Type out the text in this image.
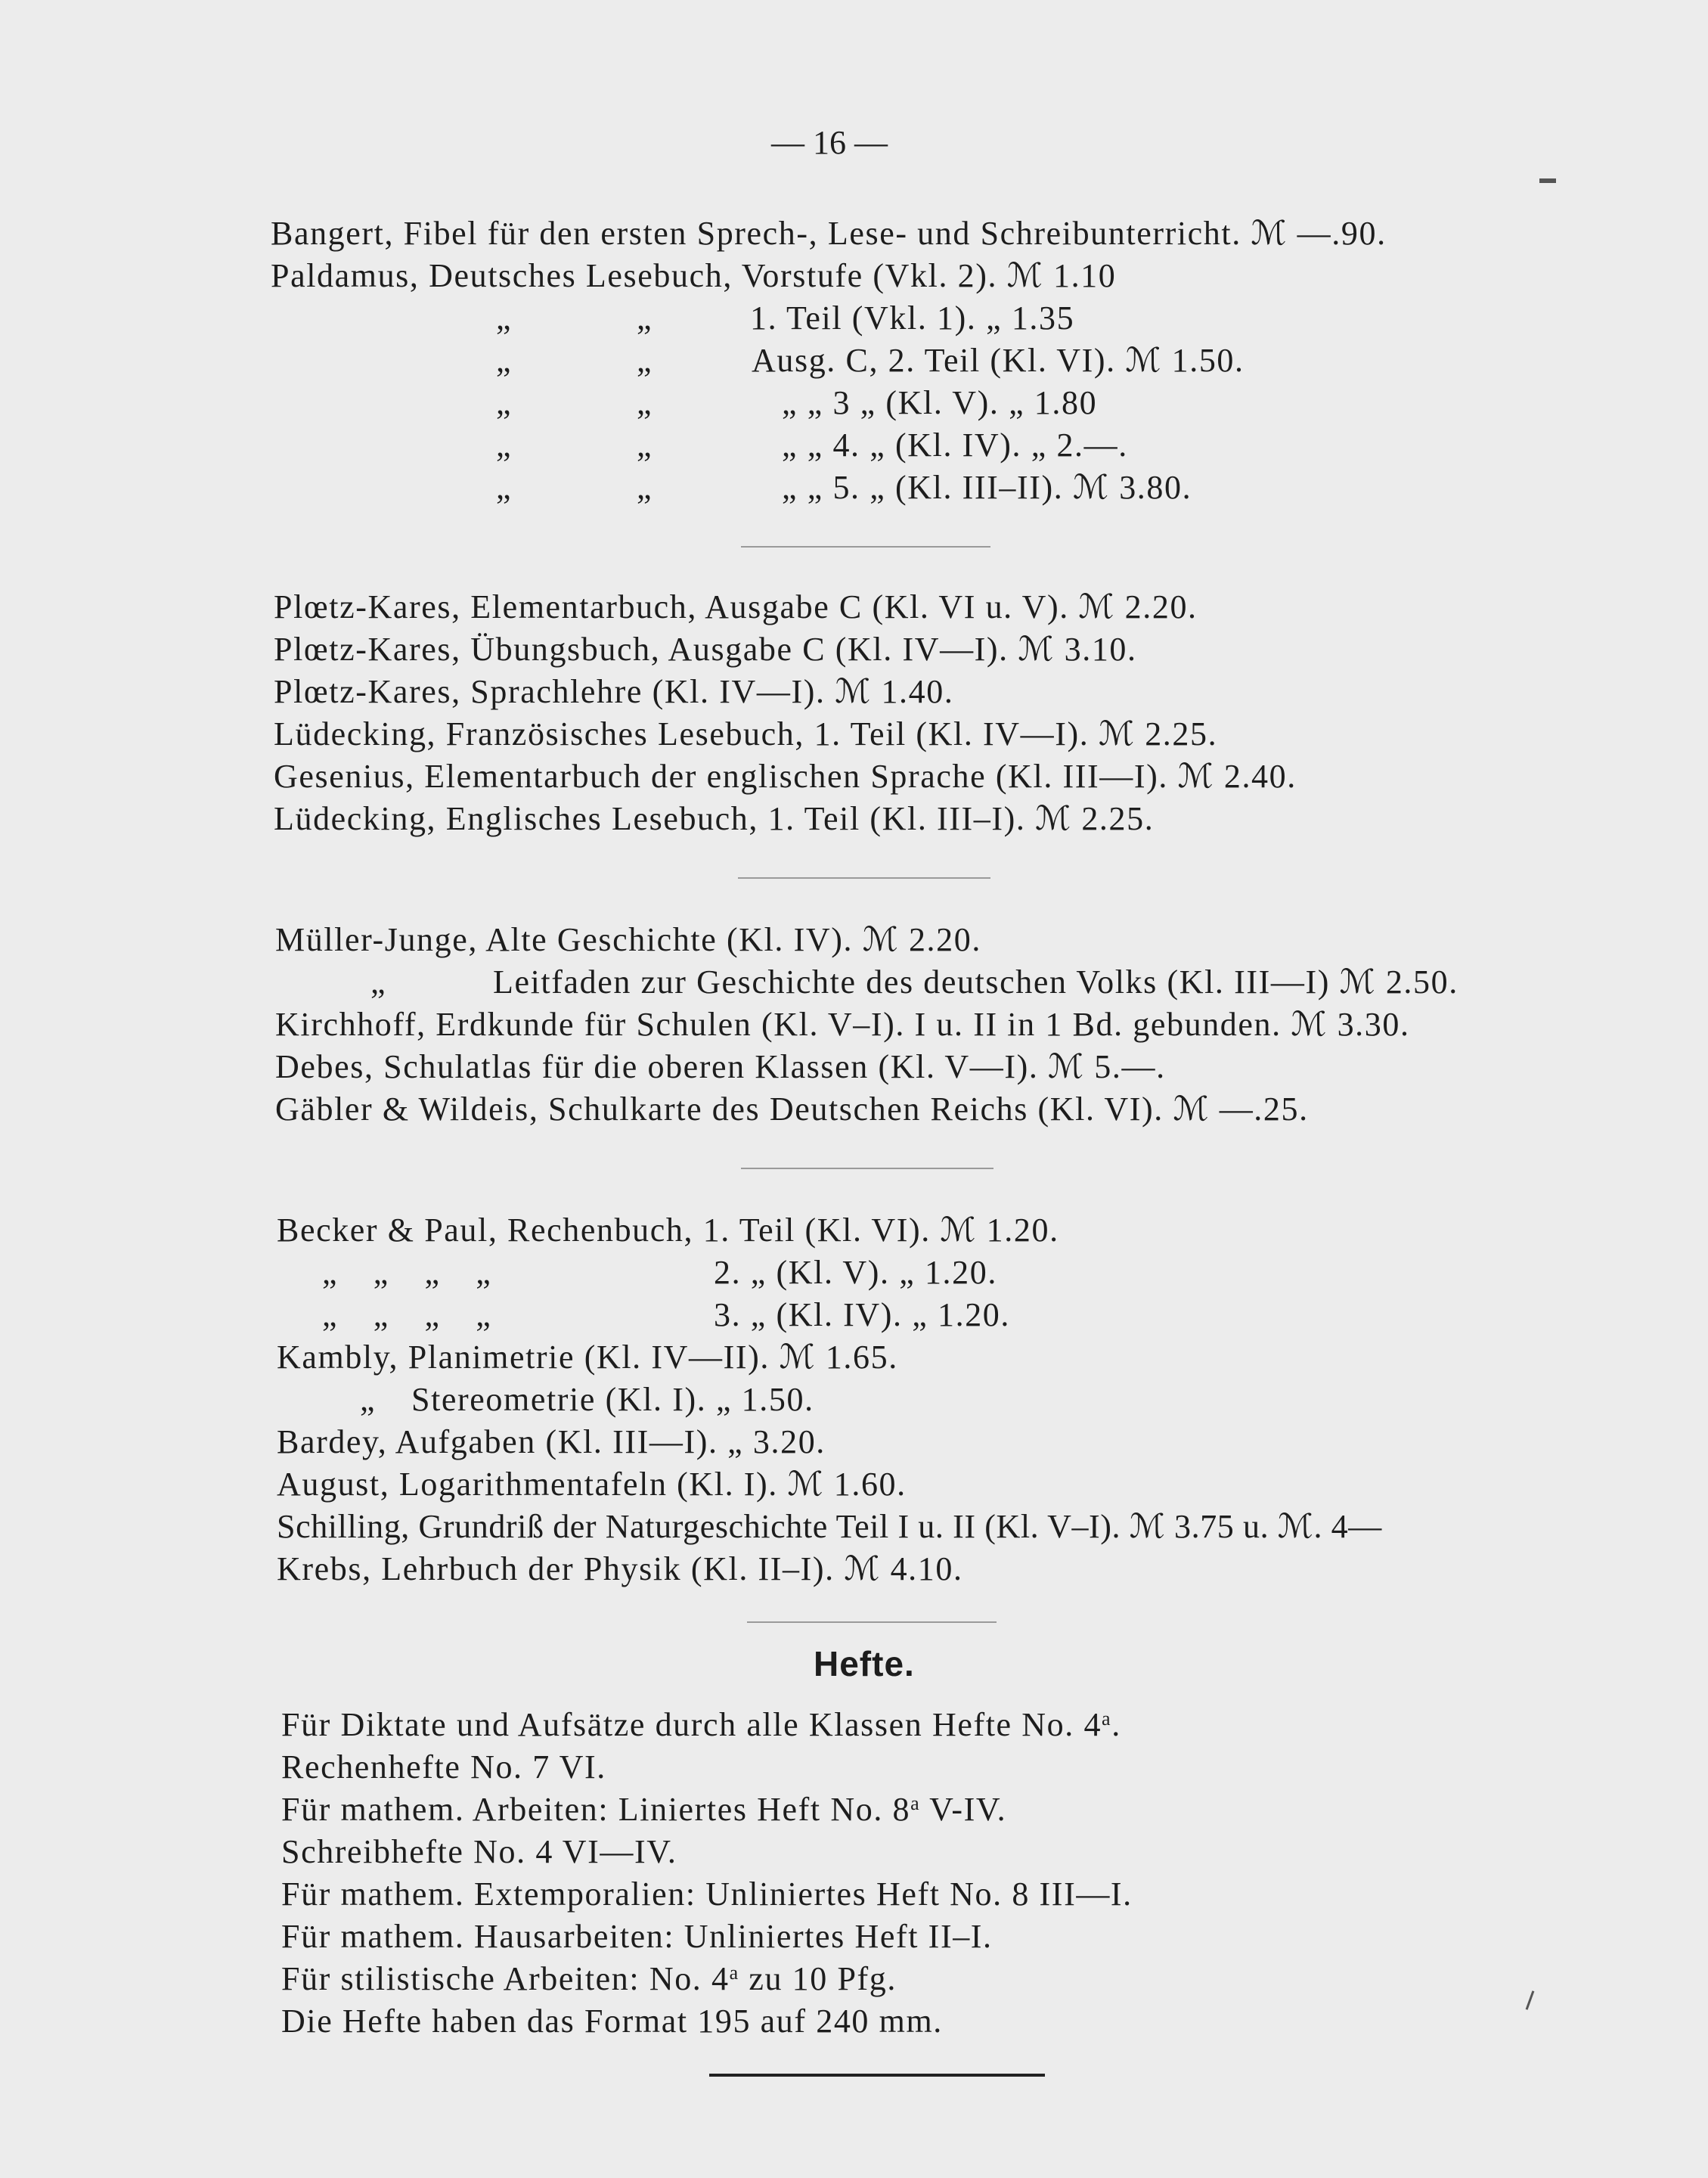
— 16 —
Bangert, Fibel für den ersten Sprech-, Lese- und Schreibunterricht. ℳ —.90.
Paldamus, Deutsches Lesebuch, Vorstufe (Vkl. 2). ℳ 1.10
„	„	1. Teil (Vkl. 1). „ 1.35
„	„	Ausg. C, 2. Teil (Kl. VI). ℳ 1.50.
„	„	„ „ 3 „ (Kl. V). „ 1.80
„	„	„ „ 4. „ (Kl. IV). „ 2.—.
„	„	„ „ 5. „ (Kl. III–II). ℳ 3.80.
Plœtz-Kares, Elementarbuch, Ausgabe C (Kl. VI u. V). ℳ 2.20.
Plœtz-Kares, Übungsbuch, Ausgabe C (Kl. IV—I). ℳ 3.10.
Plœtz-Kares, Sprachlehre (Kl. IV—I). ℳ 1.40.
Lüdecking, Französisches Lesebuch, 1. Teil (Kl. IV—I). ℳ 2.25.
Gesenius, Elementarbuch der englischen Sprache (Kl. III—I). ℳ 2.40.
Lüdecking, Englisches Lesebuch, 1. Teil (Kl. III–I). ℳ 2.25.
Müller-Junge, Alte Geschichte (Kl. IV). ℳ 2.20.
„	Leitfaden zur Geschichte des deutschen Volks (Kl. III—I) ℳ 2.50.
Kirchhoff, Erdkunde für Schulen (Kl. V–I). I u. II in 1 Bd. gebunden. ℳ 3.30.
Debes, Schulatlas für die oberen Klassen (Kl. V—I). ℳ 5.—.
Gäbler & Wildeis, Schulkarte des Deutschen Reichs (Kl. VI). ℳ —.25.
Becker & Paul, Rechenbuch, 1. Teil (Kl. VI). ℳ 1.20.
„ „ „ „	2. „ (Kl. V). „ 1.20.
„ „ „ „	3. „ (Kl. IV). „ 1.20.
Kambly, Planimetrie (Kl. IV—II). ℳ 1.65.
„ Stereometrie (Kl. I). „ 1.50.
Bardey, Aufgaben (Kl. III—I). „ 3.20.
August, Logarithmentafeln (Kl. I). ℳ 1.60.
Schilling, Grundriß der Naturgeschichte Teil I u. II (Kl. V–I). ℳ 3.75 u. ℳ. 4—
Krebs, Lehrbuch der Physik (Kl. II–I). ℳ 4.10.
Hefte.
Für Diktate und Aufsätze durch alle Klassen Hefte No. 4$^a$.
Rechenhefte No. 7 VI.
Für mathem. Arbeiten: Liniertes Heft No. 8$^a$ V-IV.
Schreibhefte No. 4 VI—IV.
Für mathem. Extemporalien: Unliniertes Heft No. 8 III—I.
Für mathem. Hausarbeiten: Unliniertes Heft II–I.
Für stilistische Arbeiten: No. 4$^a$ zu 10 Pfg.
Die Hefte haben das Format 195 auf 240 mm.
